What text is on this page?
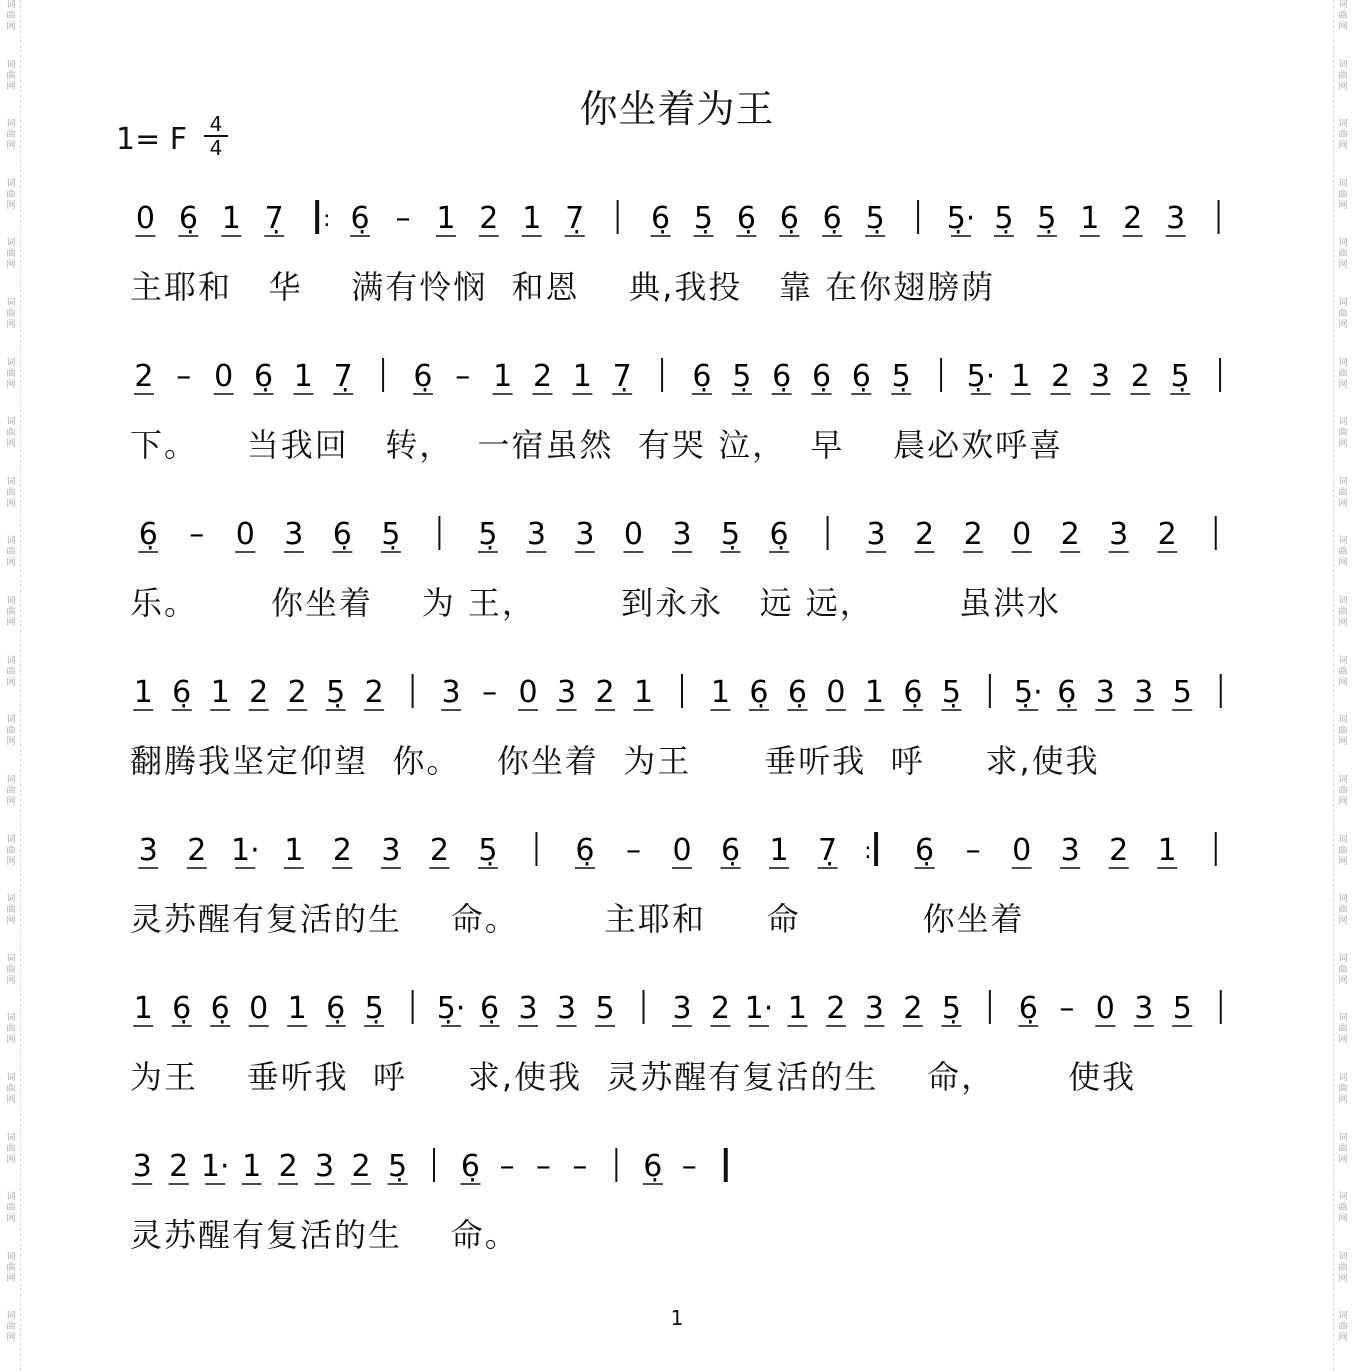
词
曲
网
词
曲
网
词
曲
网
词
曲
网
词
曲
网
词
曲
网
词
曲
网
词
曲
网
词
曲
网
词
曲
网
词
曲
网
词
曲
网
词
曲
网
词
曲
网
词
曲
网
词
曲
网
词
曲
网
词
曲
网
词
曲
网
词
曲
网
词
曲
网
词
曲
网
词
曲
网
词
曲
网
词
曲
网
词
曲
网
词
曲
网
词
曲
网
词
曲
网
词
曲
网
词
曲
网
词
曲
网
词
曲
网
词
曲
网
词
曲
网
词
曲
网
词
曲
网
词
曲
网
词
曲
网
词
曲
网
词
曲
网
词
曲
网
词
曲
网
词
曲
网
词
曲
网
词
曲
网
你坐着为王
1= F 4
4
0 6̣ 1 7̣ : 6̣ – 1 2 1 7̣ 6̣ 5̣ 6̣ 6̣ 6̣ 5̣ 5̣· 5̣ 5̣ 1 2 3
主耶和   华    满有怜悯  和恩    典,我投   靠 在你翅膀荫
2 – 0 6̣ 1 7̣ 6̣ – 1 2 1 7̣ 6̣ 5̣ 6̣ 6̣ 6̣ 5̣ 5̣· 1 2 3 2 5̣
下。    当我回   转，  一宿虽然  有哭 泣，  早    晨必欢呼喜
6̣ – 0 3 6̣ 5̣	5̣ 3 3 0 3 5̣ 6̣	3 2 2 0 2 3 2
乐。      你坐着    为 王，       到永永   远 远，       虽洪水
1 6̣ 1 2 2 5̣ 2 3 – 0 3 2 1 1 6̣ 6̣ 0 1 6̣ 5̣ 5̣· 6̣ 3 3 5
翻腾我坚定仰望  你。   你坐着  为王      垂听我  呼     求,使我
3 2 1· 1 2 3 2 5̣	6̣ – 0 6̣ 1 7̣ : 6̣ – 0 3 2 1
灵苏醒有复活的生    命。       主耶和     命          你坐着
1 6̣ 6̣ 0 1 6̣ 5̣ 5̣· 6̣ 3 3 5 3 2 1· 1 2 3 2 5̣ 6̣ – 0 3 5
为王    垂听我  呼     求,使我  灵苏醒有复活的生    命，      使我
3 2 1· 1 2 3 2 5̣ 6̣ – – – 6̣ –
灵苏醒有复活的生    命。
1
